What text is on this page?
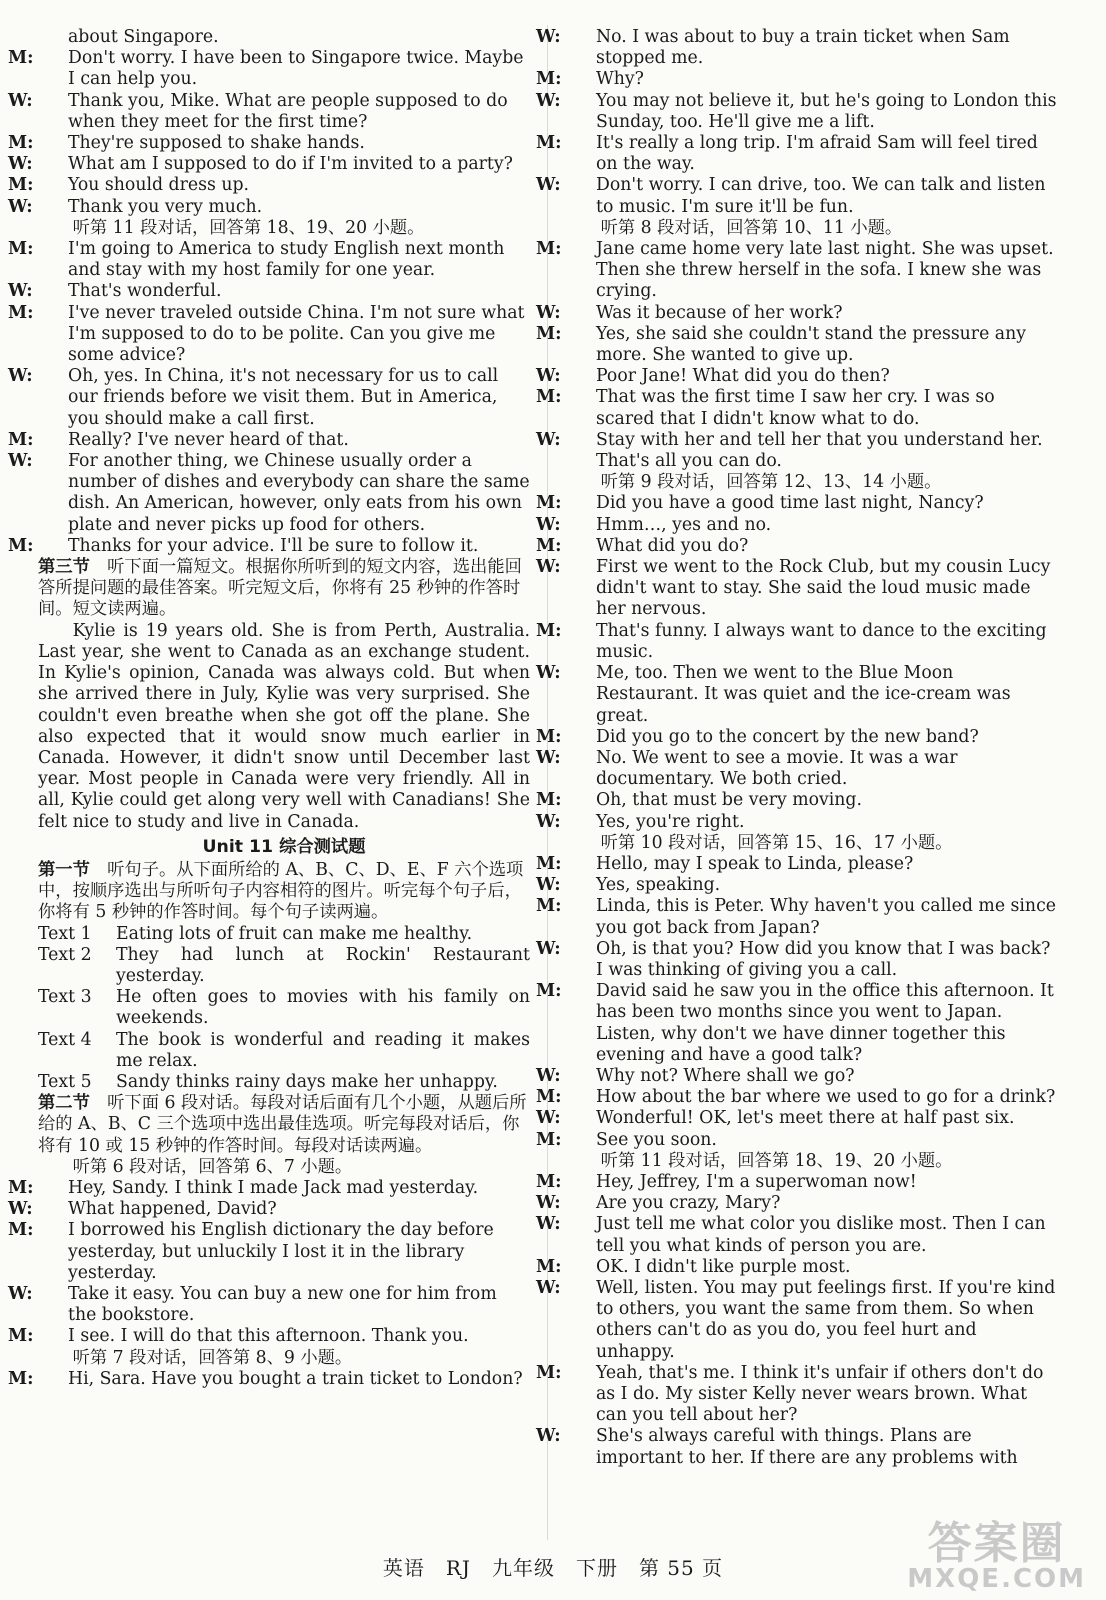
about Singapore.
M: Don't worry. I have been to Singapore twice. Maybe I can help you.
W: Thank you, Mike. What are people supposed to do when they meet for the first time?
M: They're supposed to shake hands.
W: What am I supposed to do if I'm invited to a party?
M: You should dress up.
W: Thank you very much.
听第 11 段对话，回答第 18、19、20 小题。
M: I'm going to America to study English next month and stay with my host family for one year.
W: That's wonderful.
M: I've never traveled outside China. I'm not sure what I'm supposed to do to be polite. Can you give me some advice?
W: Oh, yes. In China, it's not necessary for us to call our friends before we visit them. But in America, you should make a call first.
M: Really? I've never heard of that.
W: For another thing, we Chinese usually order a number of dishes and everybody can share the same dish. An American, however, only eats from his own plate and never picks up food for others.
M: Thanks for your advice. I'll be sure to follow it.
第三节  听下面一篇短文。根据你所听到的短文内容，选出能回答所提问题的最佳答案。听完短文后，你将有 25 秒钟的作答时间。短文读两遍。
Kylie is 19 years old. She is from Perth, Australia. Last year, she went to Canada as an exchange student. In Kylie's opinion, Canada was always cold. But when she arrived there in July, Kylie was very surprised. She couldn't even breathe when she got off the plane. She also expected that it would snow much earlier in Canada. However, it didn't snow until December last year. Most people in Canada were very friendly. All in all, Kylie could get along very well with Canadians! She felt nice to study and live in Canada.
Unit 11 综合测试题
第一节  听句子。从下面所给的 A、B、C、D、E、F 六个选项中，按顺序选出与所听句子内容相符的图片。听完每个句子后，你将有 5 秒钟的作答时间。每个句子读两遍。
Text 1	Eating lots of fruit can make me healthy.
Text 2	They had lunch at Rockin' Restaurant yesterday.
Text 3	He often goes to movies with his family on weekends.
Text 4	The book is wonderful and reading it makes me relax.
Text 5	Sandy thinks rainy days make her unhappy.
第二节  听下面 6 段对话。每段对话后面有几个小题，从题后所给的 A、B、C 三个选项中选出最佳选项。听完每段对话后，你将有 10 或 15 秒钟的作答时间。每段对话读两遍。
听第 6 段对话，回答第 6、7 小题。
M: Hey, Sandy. I think I made Jack mad yesterday.
W: What happened, David?
M: I borrowed his English dictionary the day before yesterday, but unluckily I lost it in the library yesterday.
W: Take it easy. You can buy a new one for him from the bookstore.
M: I see. I will do that this afternoon. Thank you.
听第 7 段对话，回答第 8、9 小题。
M: Hi, Sara. Have you bought a train ticket to London?
W: No. I was about to buy a train ticket when Sam stopped me.
M: Why?
W: You may not believe it, but he's going to London this Sunday, too. He'll give me a lift.
M: It's really a long trip. I'm afraid Sam will feel tired on the way.
W: Don't worry. I can drive, too. We can talk and listen to music. I'm sure it'll be fun.
听第 8 段对话，回答第 10、11 小题。
M: Jane came home very late last night. She was upset. Then she threw herself in the sofa. I knew she was crying.
W: Was it because of her work?
M: Yes, she said she couldn't stand the pressure any more. She wanted to give up.
W: Poor Jane! What did you do then?
M: That was the first time I saw her cry. I was so scared that I didn't know what to do.
W: Stay with her and tell her that you understand her. That's all you can do.
听第 9 段对话，回答第 12、13、14 小题。
M: Did you have a good time last night, Nancy?
W: Hmm…, yes and no.
M: What did you do?
W: First we went to the Rock Club, but my cousin Lucy didn't want to stay. She said the loud music made her nervous.
M: That's funny. I always want to dance to the exciting music.
W: Me, too. Then we went to the Blue Moon Restaurant. It was quiet and the ice-cream was great.
M: Did you go to the concert by the new band?
W: No. We went to see a movie. It was a war documentary. We both cried.
M: Oh, that must be very moving.
W: Yes, you're right.
听第 10 段对话，回答第 15、16、17 小题。
M: Hello, may I speak to Linda, please?
W: Yes, speaking.
M: Linda, this is Peter. Why haven't you called me since you got back from Japan?
W: Oh, is that you? How did you know that I was back? I was thinking of giving you a call.
M: David said he saw you in the office this afternoon. It has been two months since you went to Japan. Listen, why don't we have dinner together this evening and have a good talk?
W: Why not? Where shall we go?
M: How about the bar where we used to go for a drink?
W: Wonderful! OK, let's meet there at half past six.
M: See you soon.
听第 11 段对话，回答第 18、19、20 小题。
M: Hey, Jeffrey, I'm a superwoman now!
W: Are you crazy, Mary?
W: Just tell me what color you dislike most. Then I can tell you what kinds of person you are.
M: OK. I didn't like purple most.
W: Well, listen. You may put feelings first. If you're kind to others, you want the same from them. So when others can't do as you do, you feel hurt and unhappy.
M: Yeah, that's me. I think it's unfair if others don't do as I do. My sister Kelly never wears brown. What can you tell about her?
W: She's always careful with things. Plans are important to her. If there are any problems with
英语　RJ　九年级　下册　第 55 页	答案圈
MXQE.COM
